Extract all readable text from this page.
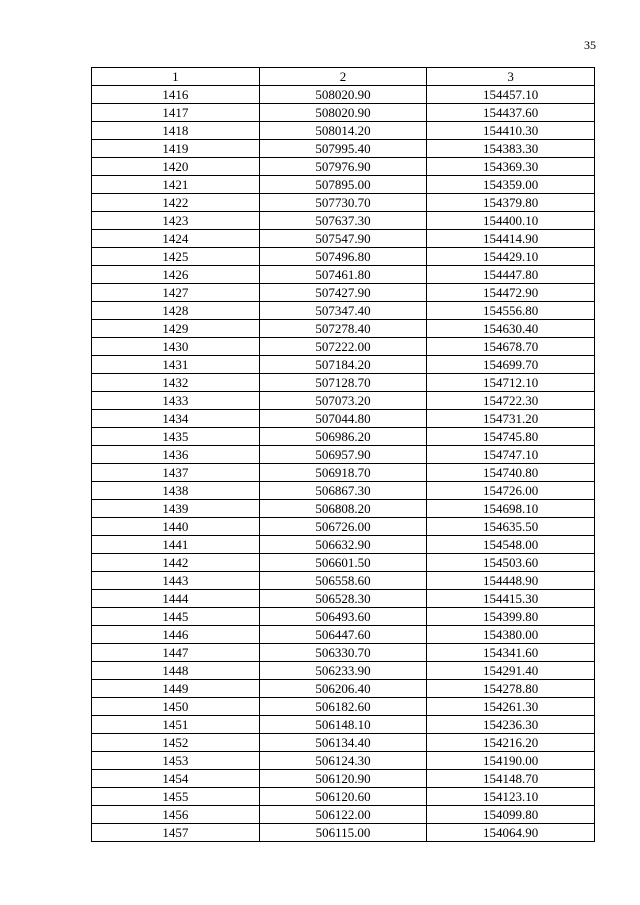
35
1	2	3
1416	508020.90	154457.10
1417	508020.90	154437.60
1418	508014.20	154410.30
1419	507995.40	154383.30
1420	507976.90	154369.30
1421	507895.00	154359.00
1422	507730.70	154379.80
1423	507637.30	154400.10
1424	507547.90	154414.90
1425	507496.80	154429.10
1426	507461.80	154447.80
1427	507427.90	154472.90
1428	507347.40	154556.80
1429	507278.40	154630.40
1430	507222.00	154678.70
1431	507184.20	154699.70
1432	507128.70	154712.10
1433	507073.20	154722.30
1434	507044.80	154731.20
1435	506986.20	154745.80
1436	506957.90	154747.10
1437	506918.70	154740.80
1438	506867.30	154726.00
1439	506808.20	154698.10
1440	506726.00	154635.50
1441	506632.90	154548.00
1442	506601.50	154503.60
1443	506558.60	154448.90
1444	506528.30	154415.30
1445	506493.60	154399.80
1446	506447.60	154380.00
1447	506330.70	154341.60
1448	506233.90	154291.40
1449	506206.40	154278.80
1450	506182.60	154261.30
1451	506148.10	154236.30
1452	506134.40	154216.20
1453	506124.30	154190.00
1454	506120.90	154148.70
1455	506120.60	154123.10
1456	506122.00	154099.80
1457	506115.00	154064.90
